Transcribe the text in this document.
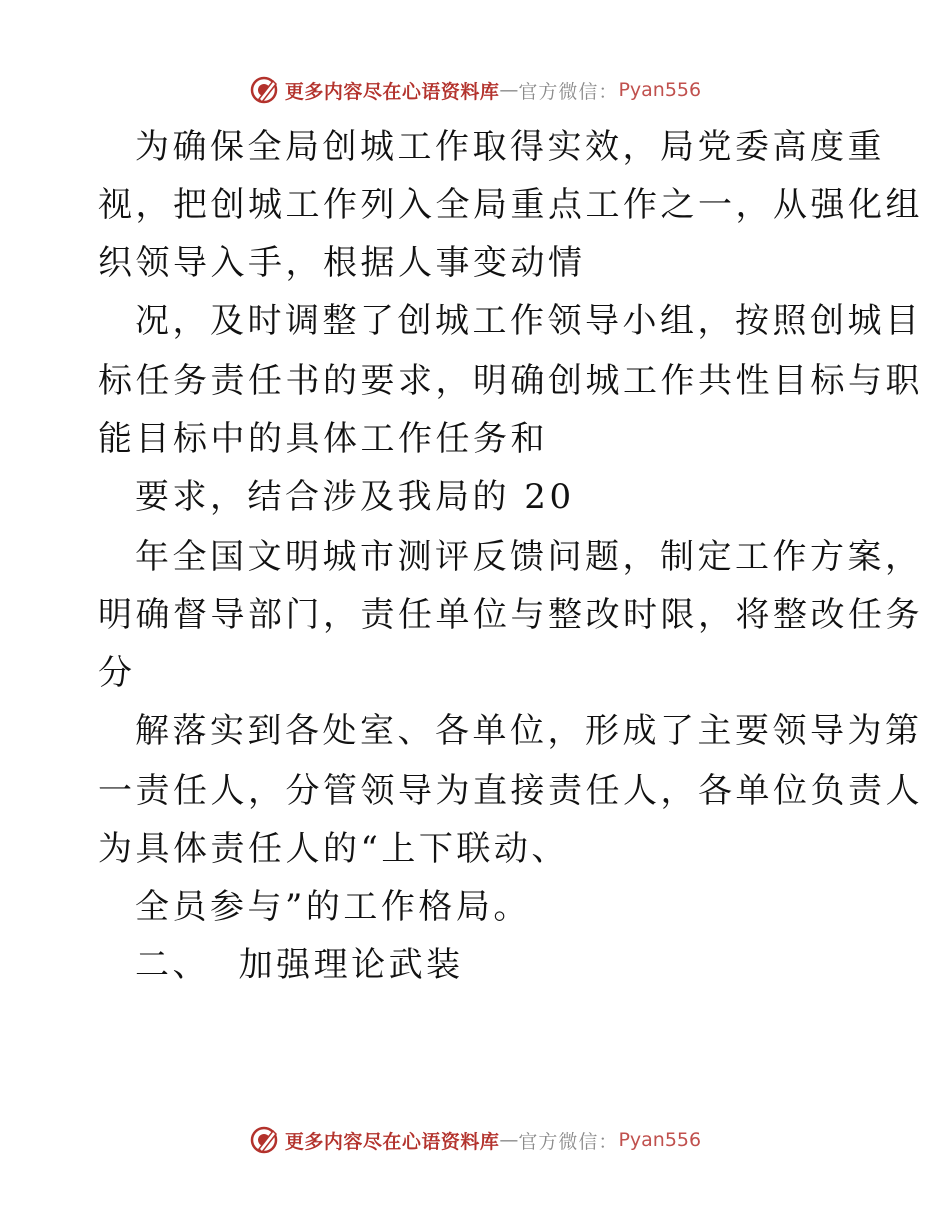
更多内容尽在心语资料库 — 官方微信： Pyan556
为确保全局创城工作取得实效，局党委高度重
视，把创城工作列入全局重点工作之一，从强化组
织领导入手，根据人事变动情
况，及时调整了创城工作领导小组，按照创城目
标任务责任书的要求，明确创城工作共性目标与职
能目标中的具体工作任务和
要求，结合涉及我局的 20
年全国文明城市测评反馈问题，制定工作方案，
明确督导部门，责任单位与整改时限，将整改任务
分
解落实到各处室、各单位，形成了主要领导为第
一责任人，分管领导为直接责任人，各单位负责人
为具体责任人的“上下联动、
全员参与”的工作格局。
二、  加强理论武装
更多内容尽在心语资料库 — 官方微信： Pyan556
